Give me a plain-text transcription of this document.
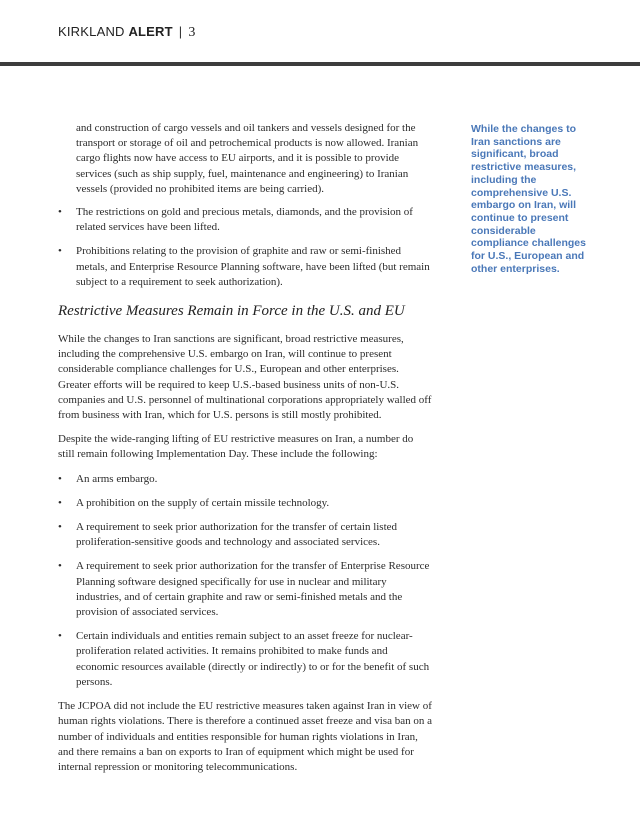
KIRKLAND ALERT | 3

and construction of cargo vessels and oil tankers and vessels designed for the transport or storage of oil and petrochemical products is now allowed. Iranian cargo flights now have access to EU airports, and it is possible to provide services (such as ship supply, fuel, maintenance and engineering) to Iranian vessels (provided no prohibited items are being carried).

• The restrictions on gold and precious metals, diamonds, and the provision of related services have been lifted.
• Prohibitions relating to the provision of graphite and raw or semi-finished metals, and Enterprise Resource Planning software, have been lifted (but remain subject to a requirement to seek authorization).
Restrictive Measures Remain in Force in the U.S. and EU

While the changes to Iran sanctions are significant, broad restrictive measures, including the comprehensive U.S. embargo on Iran, will continue to present considerable compliance challenges for U.S., European and other enterprises. Greater efforts will be required to keep U.S.-based business units of non-U.S. companies and U.S. personnel of multinational corporations appropriately walled off from business with Iran, which for U.S. persons is still mostly prohibited.

Despite the wide-ranging lifting of EU restrictive measures on Iran, a number do still remain following Implementation Day. These include the following:

• An arms embargo.
• A prohibition on the supply of certain missile technology.
• A requirement to seek prior authorization for the transfer of certain listed proliferation-sensitive goods and technology and associated services.
• A requirement to seek prior authorization for the transfer of Enterprise Resource Planning software designed specifically for use in nuclear and military industries, and of certain graphite and raw or semi-finished metals and the provision of associated services.
• Certain individuals and entities remain subject to an asset freeze for nuclear-proliferation related activities. It remains prohibited to make funds and economic resources available (directly or indirectly) to or for the benefit of such persons.

The JCPOA did not include the EU restrictive measures taken against Iran in view of human rights violations. There is therefore a continued asset freeze and visa ban on a number of individuals and entities responsible for human rights violations in Iran, and there remains a ban on exports to Iran of equipment which might be used for internal repression or monitoring telecommunications.

While the changes to Iran sanctions are significant, broad restrictive measures, including the comprehensive U.S. embargo on Iran, will continue to present considerable compliance challenges for U.S., European and other enterprises.
